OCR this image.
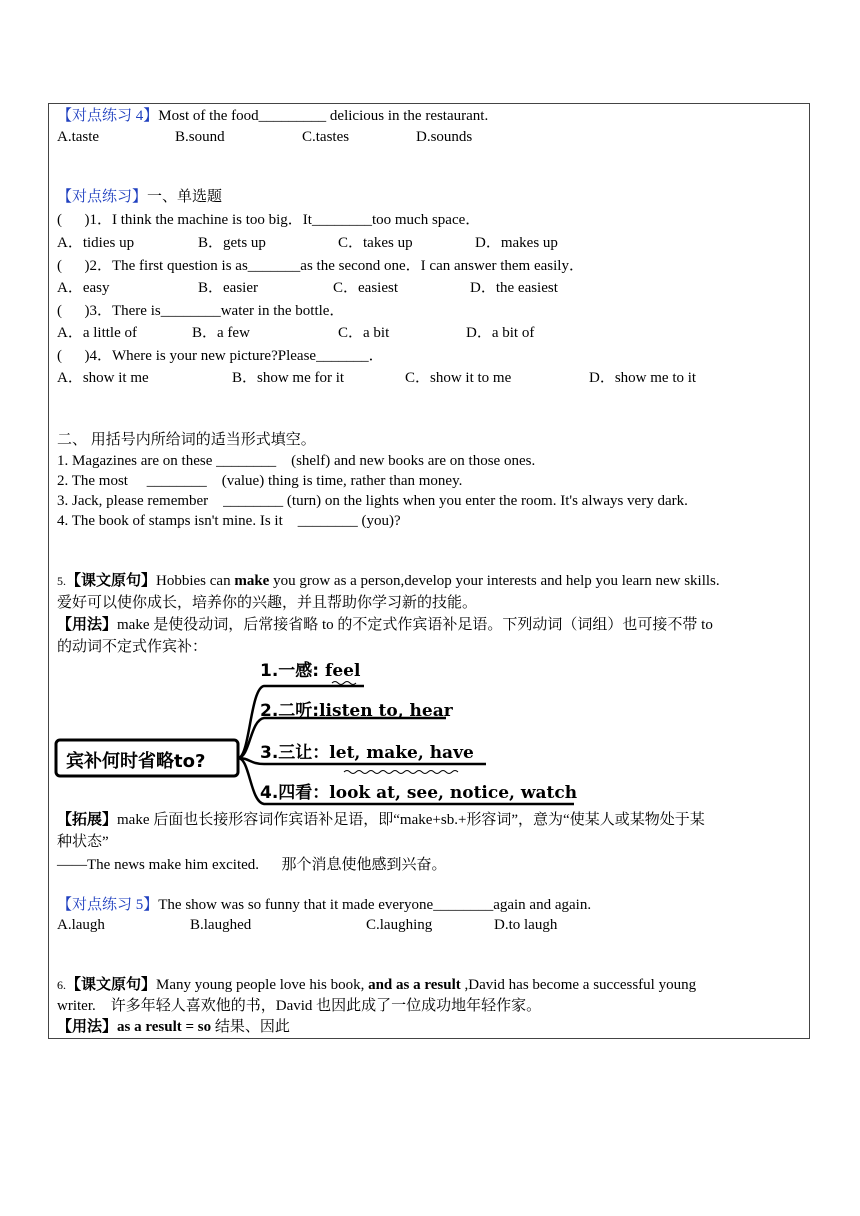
【对点练习 4】Most of the food_________ delicious in the restaurant.
A.taste	B.sound	C.tastes	D.sounds
【对点练习】一、单选题
(      )1．I think the machine is too big．It________too much space．
A．tidies up	B．gets up	C．takes up	D．makes up
(      )2．The first question is as_______as the second one．I can answer them easily．
A．easy	B．easier	C．easiest	D．the easiest
(      )3．There is________water in the bottle．
A．a little of	B．a few	C．a bit	D．a bit of
(      )4．Where is your new picture?Please_______．
A．show it me	B．show me for it	C．show it to me	D．show me to it
二、 用括号内所给词的适当形式填空。
1. Magazines are on these ________    (shelf) and new books are on those ones.
2. The most     ________    (value) thing is time, rather than money.
3. Jack, please remember    ________ (turn) on the lights when you enter the room. It's always very dark.
4. The book of stamps isn't mine. Is it    ________ (you)?
5.【课文原句】Hobbies can make you grow as a person,develop your interests and help you learn new skills.
爱好可以使你成长，培养你的兴趣，并且帮助你学习新的技能。
【用法】make 是使役动词，后常接省略 to 的不定式作宾语补足语。下列动词（词组）也可接不带 to
的动词不定式作宾补：
宾补何时省略to?
1.一感: feel
2.二听:listen to, hear
3.三让：let, make, have
4.四看：look at, see, notice, watch
【拓展】make 后面也长接形容词作宾语补足语，即“make+sb.+形容词”，意为“使某人或某物处于某
种状态”
——The news make him excited.      那个消息使他感到兴奋。
【对点练习 5】The show was so funny that it made everyone________again and again.
A.laugh	B.laughed	C.laughing	D.to laugh
6.【课文原句】Many young people love his book, and as a result ,David has become a successful young
writer.    许多年轻人喜欢他的书，David 也因此成了一位成功地年轻作家。
【用法】as a result = so 结果、因此
